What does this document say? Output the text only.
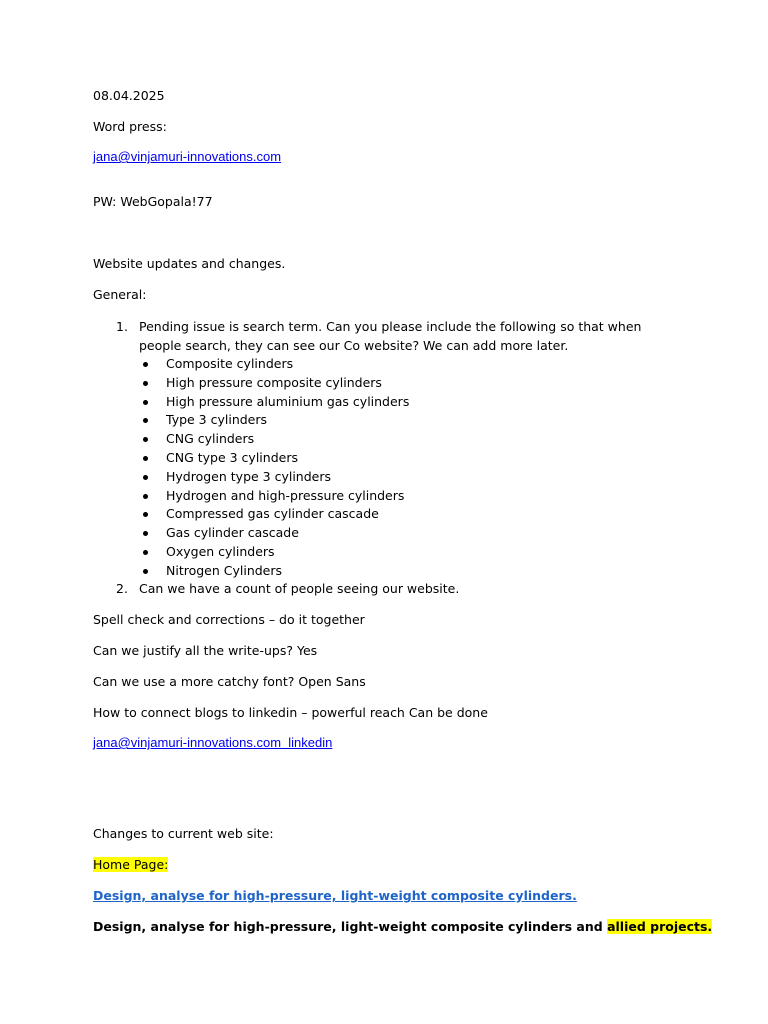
08.04.2025
Word press:
jana@vinjamuri-innovations.com
PW: WebGopala!77
Website updates and changes.
General:
1. Pending issue is search term. Can you please include the following so that when people search, they can see our Co website? We can add more later.
Composite cylinders
High pressure composite cylinders
High pressure aluminium gas cylinders
Type 3 cylinders
CNG cylinders
CNG type 3 cylinders
Hydrogen type 3 cylinders
Hydrogen and high-pressure cylinders
Compressed gas cylinder cascade
Gas cylinder cascade
Oxygen cylinders
Nitrogen Cylinders
2. Can we have a count of people seeing our website.
Spell check and corrections – do it together
Can we justify all the write-ups? Yes
Can we use a more catchy font? Open Sans
How to connect blogs to linkedin – powerful reach Can be done
jana@vinjamuri-innovations.com  linkedin
Changes to current web site:
Home Page:
Design, analyse for high-pressure, light-weight composite cylinders.
Design, analyse for high-pressure, light-weight composite cylinders and allied projects.
